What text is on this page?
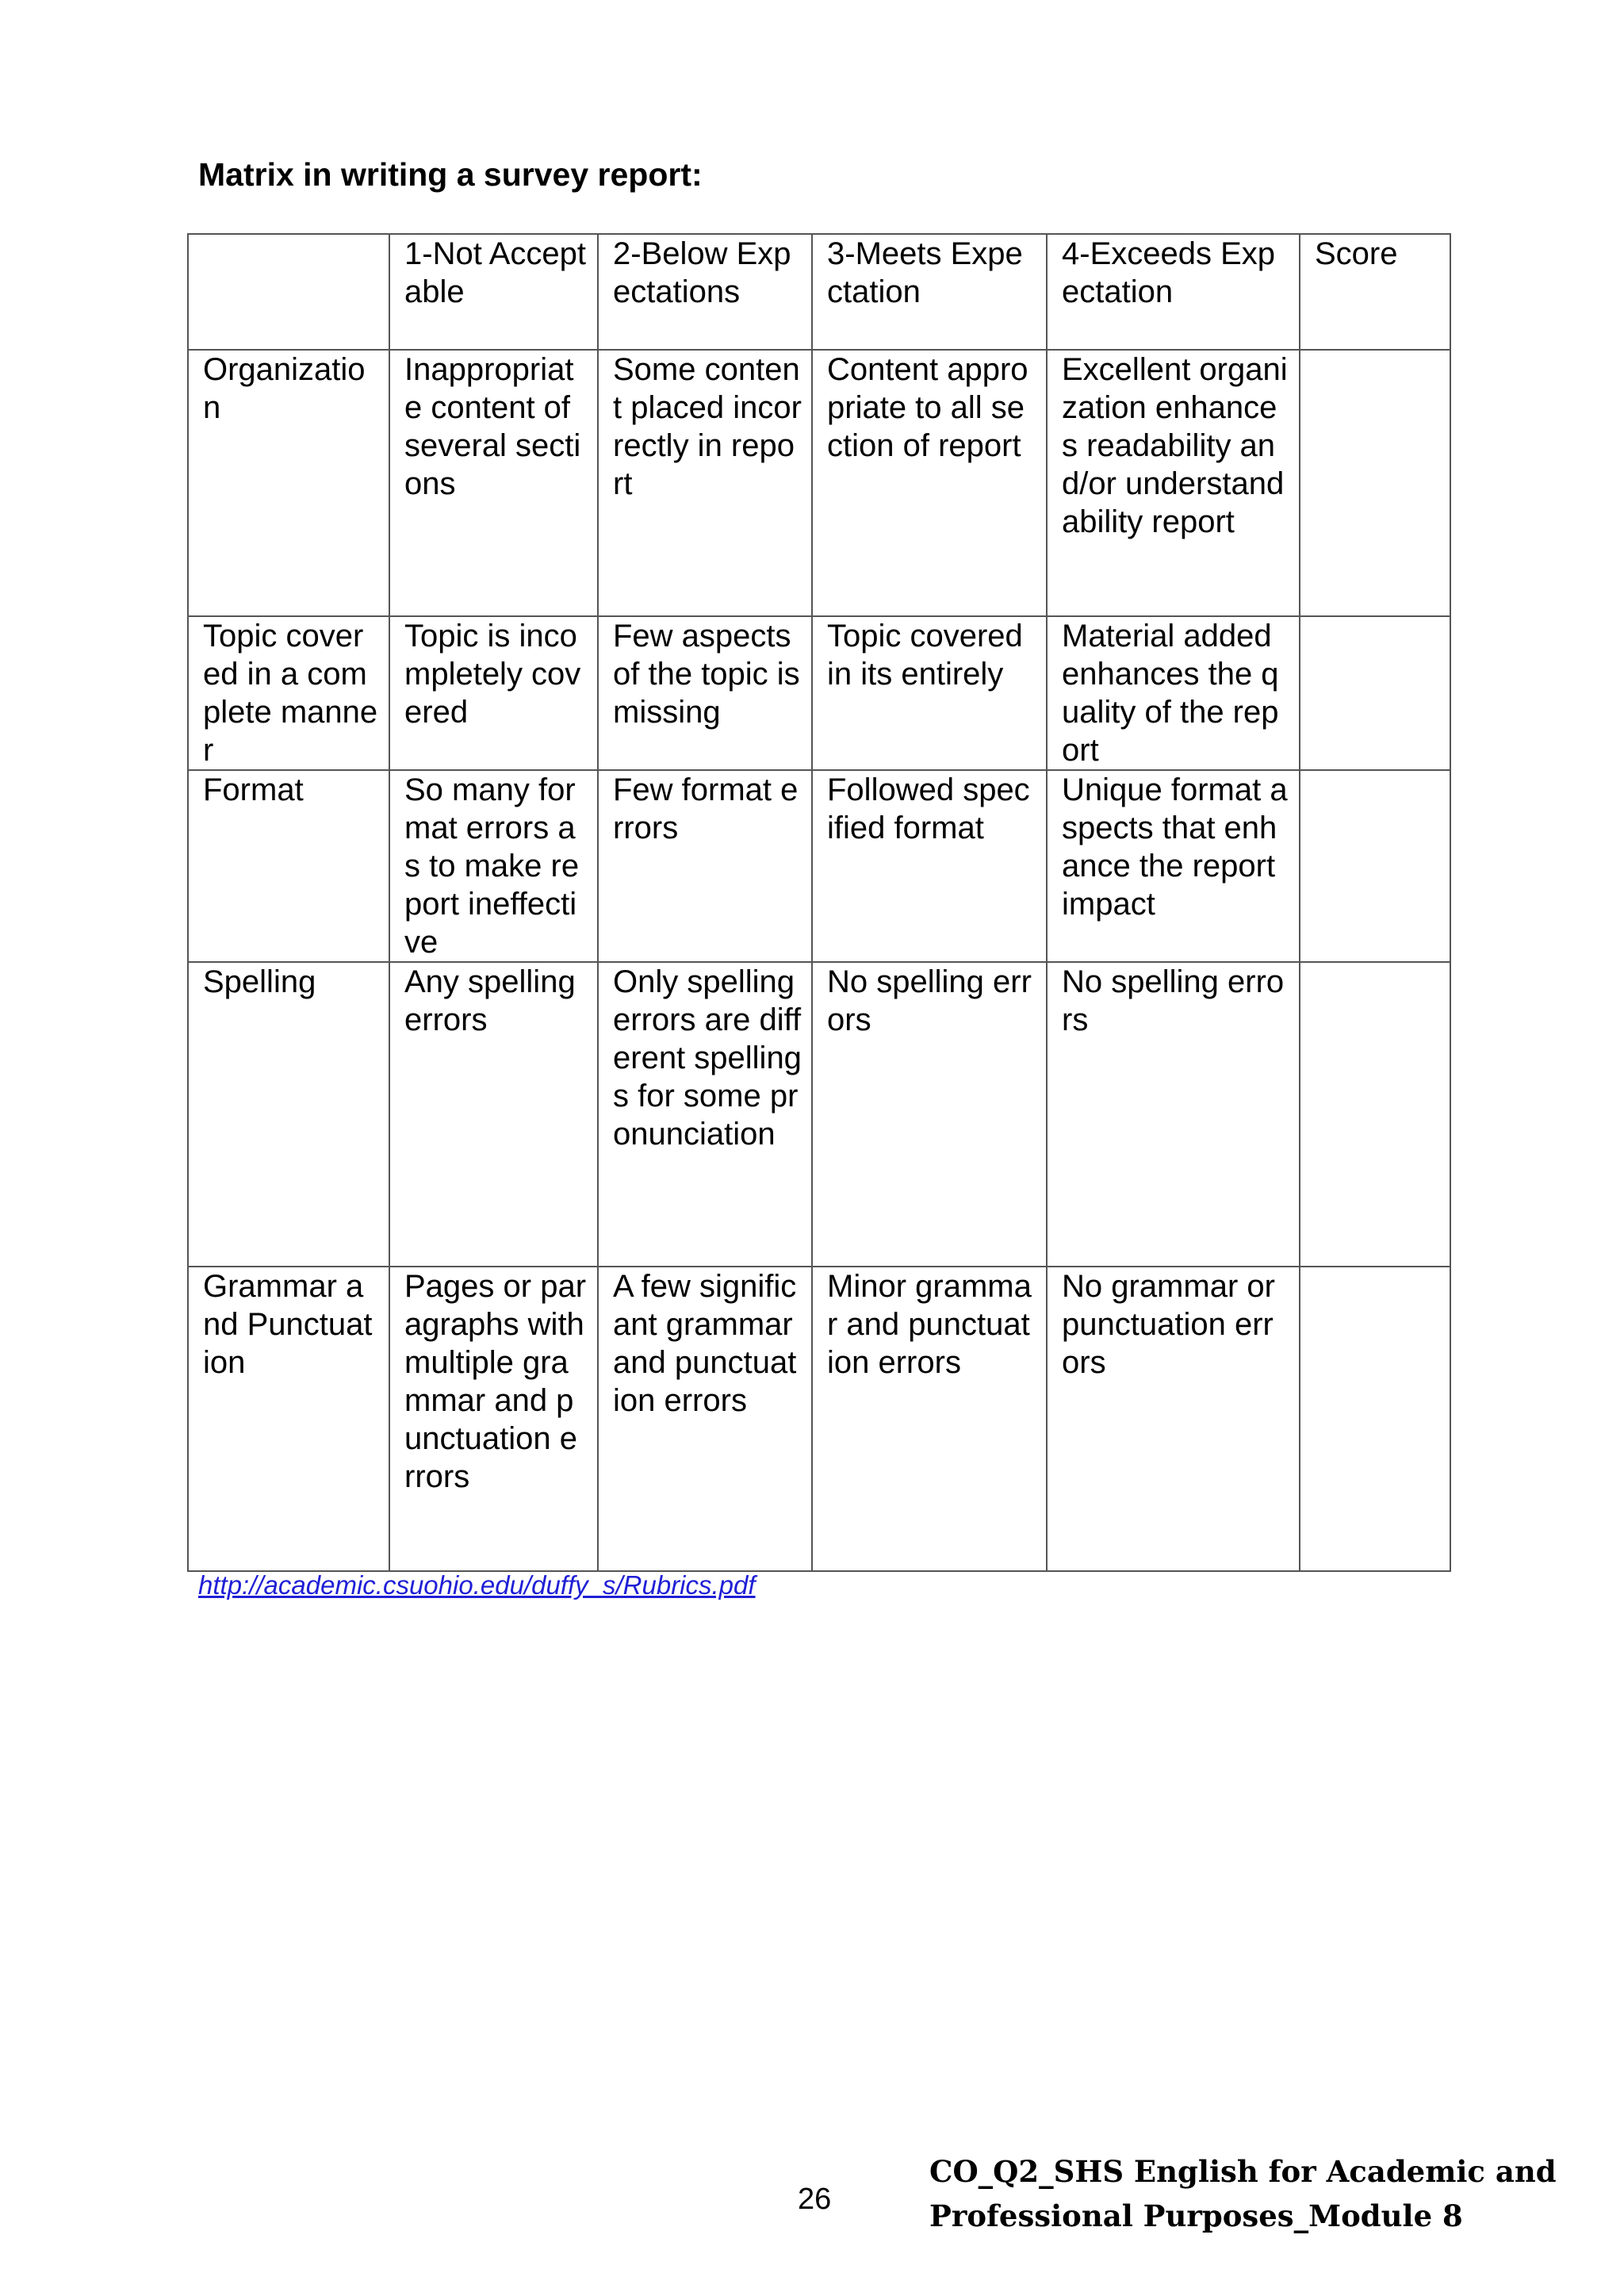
Matrix in writing a survey report:
	1-Not Acceptable	2-Below Expectations	3-Meets Expectation	4-Exceeds Expectation	Score
Organization	Inappropriate content of several sections	Some content placed incorrectly in report	Content appropriate to all section of report	Excellent organization enhances readability and/or understandability report	
Topic covered in a complete manner	Topic is incompletely covered	Few aspects of the topic is missing	Topic covered in its entirely	Material added enhances the quality of the report	
Format	So many format errors as to make report ineffective	Few format errors	Followed specified format	Unique format aspects that enhance the report impact	
Spelling	Any spelling errors	Only spelling errors are different spellings for some pronunciation	No spelling errors	No spelling errors	
Grammar and Punctuation	Pages or paragraphs with multiple grammar and punctuation errors	A few significant grammar and punctuation errors	Minor grammar and punctuation errors	No grammar or punctuation errors	
http://academic.csuohio.edu/duffy_s/Rubrics.pdf
26
CO_Q2_SHS English for Academic and
Professional Purposes_Module 8
